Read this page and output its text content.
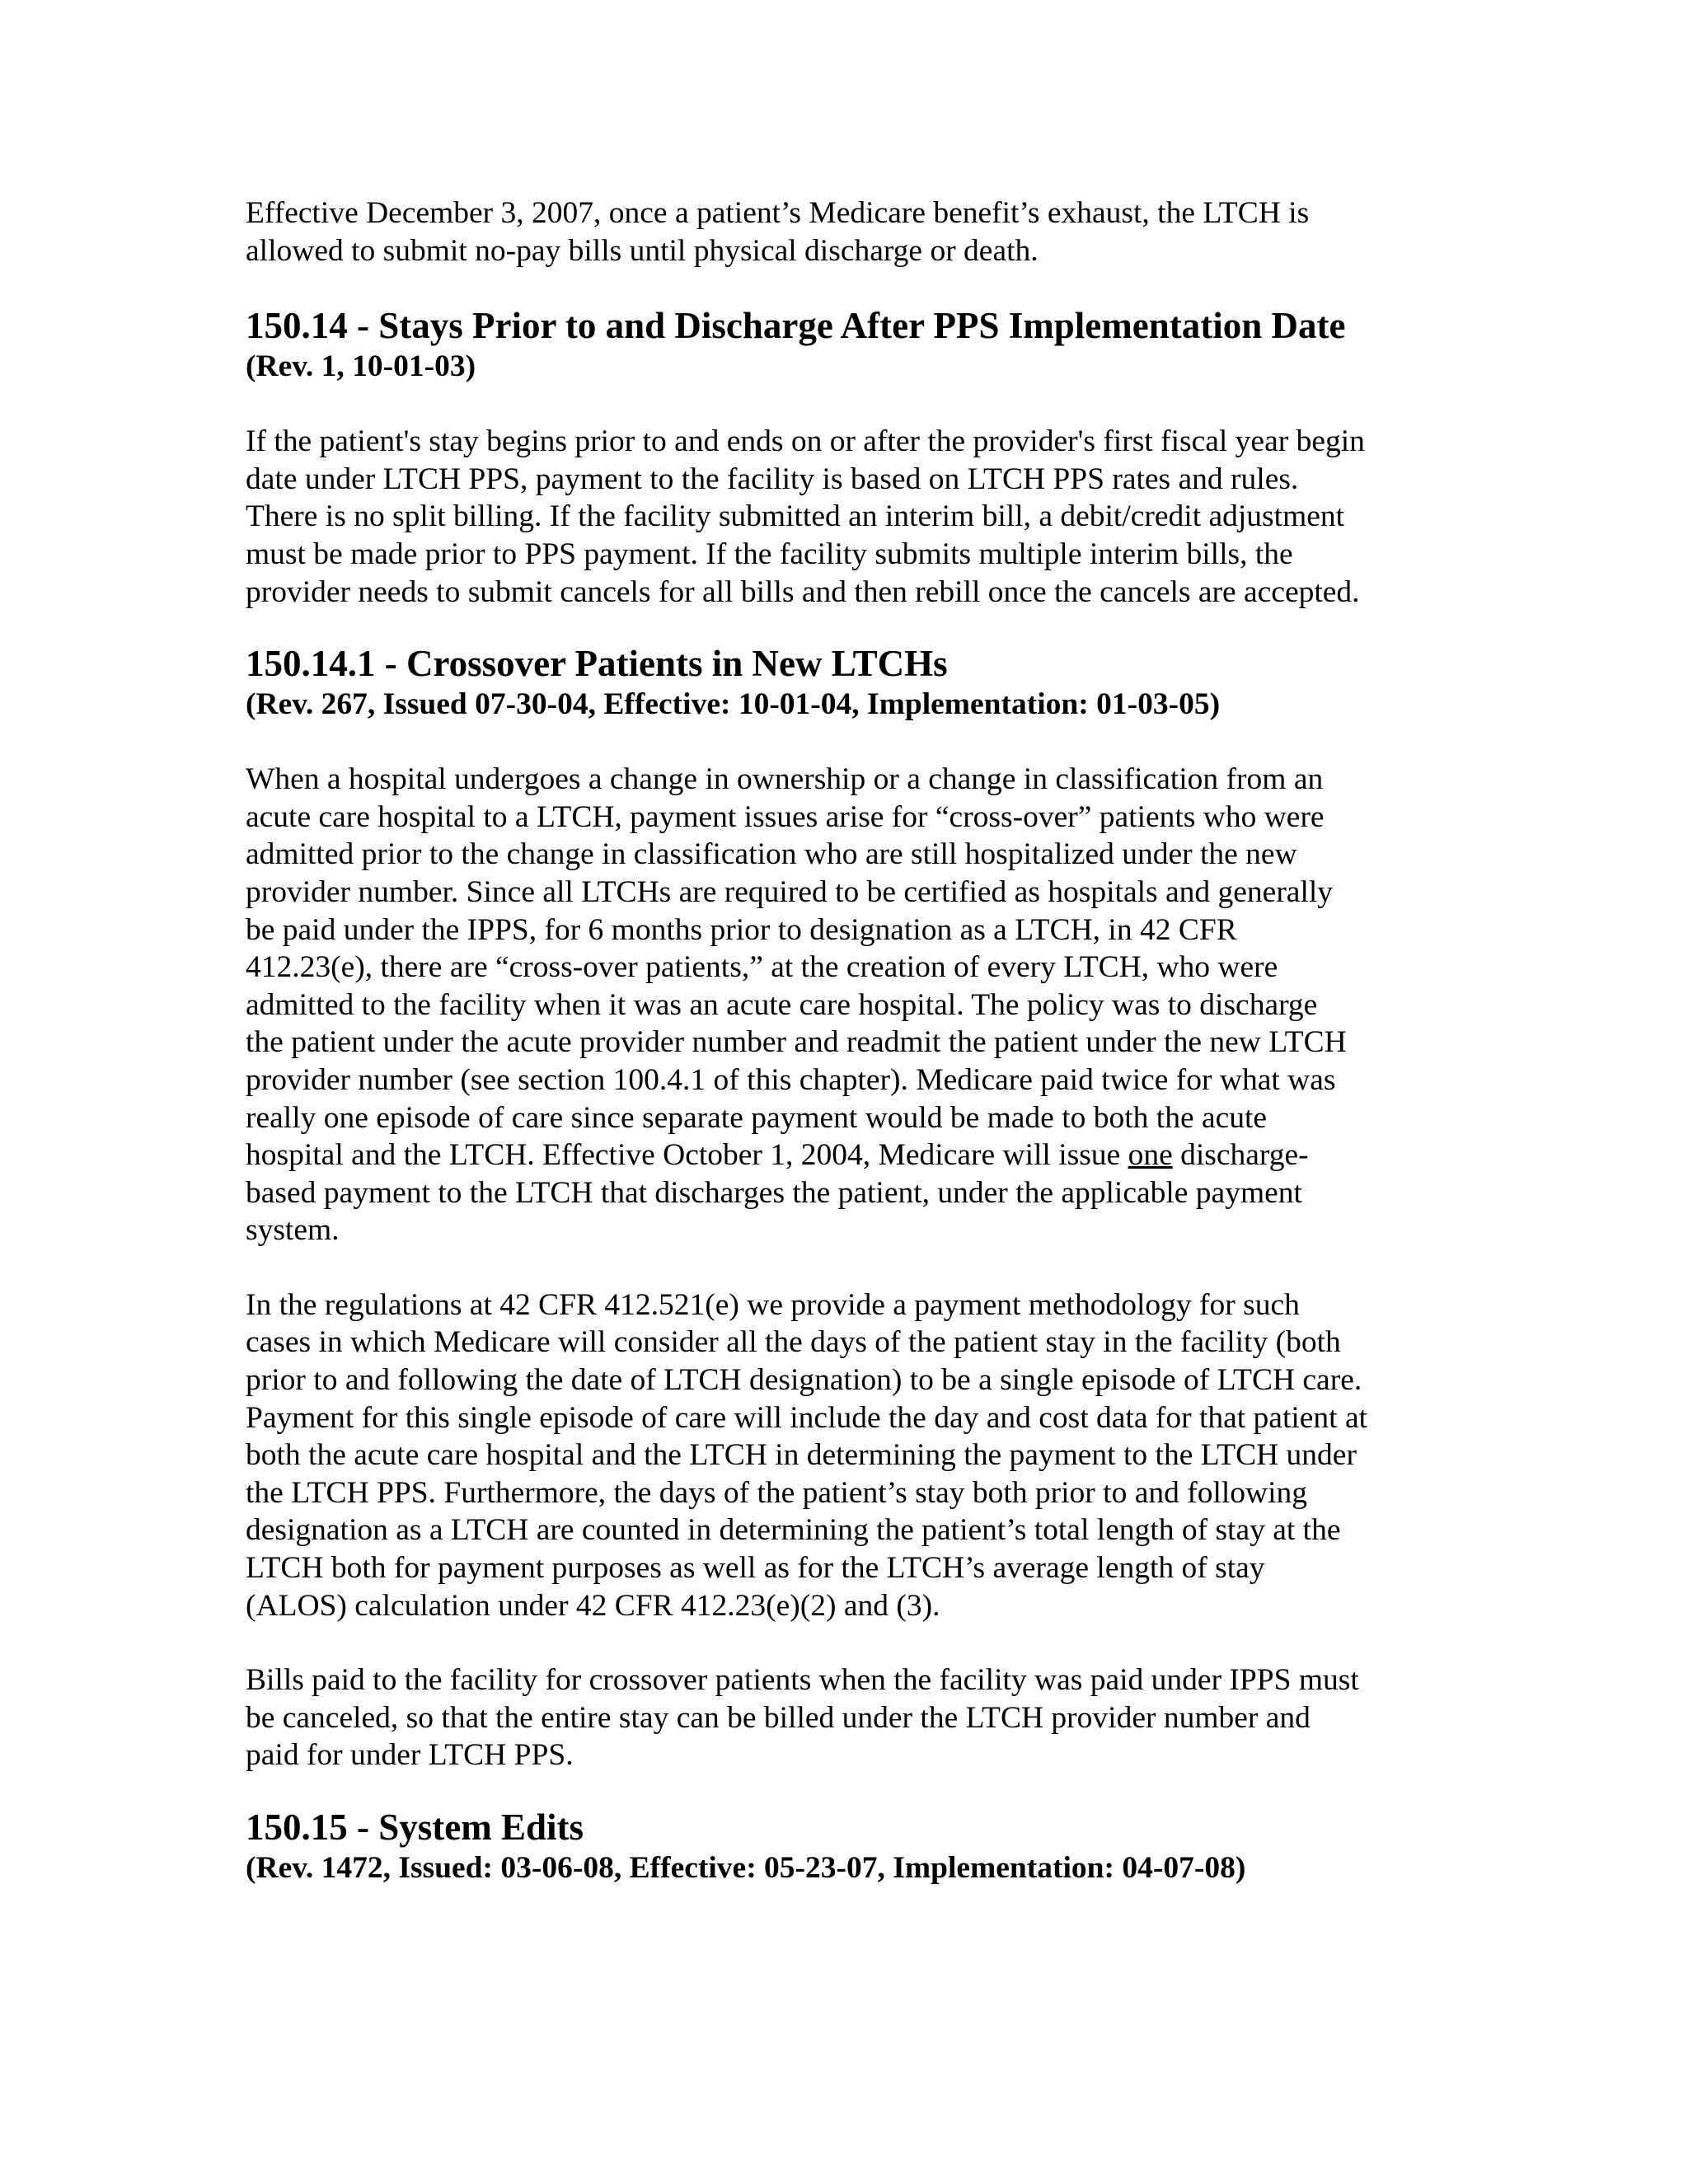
Effective December 3, 2007, once a patient’s Medicare benefit’s exhaust, the LTCH is
allowed to submit no-pay bills until physical discharge or death.

150.14 - Stays Prior to and Discharge After PPS Implementation Date

(Rev. 1, 10-01-03)

If the patient's stay begins prior to and ends on or after the provider's first fiscal year begin
date under LTCH PPS, payment to the facility is based on LTCH PPS rates and rules.
There is no split billing. If the facility submitted an interim bill, a debit/credit adjustment
must be made prior to PPS payment. If the facility submits multiple interim bills, the
provider needs to submit cancels for all bills and then rebill once the cancels are accepted.

150.14.1 - Crossover Patients in New LTCHs

(Rev. 267, Issued 07-30-04, Effective: 10-01-04, Implementation: 01-03-05)

When a hospital undergoes a change in ownership or a change in classification from an
acute care hospital to a LTCH, payment issues arise for “cross-over” patients who were
admitted prior to the change in classification who are still hospitalized under the new
provider number. Since all LTCHs are required to be certified as hospitals and generally
be paid under the IPPS, for 6 months prior to designation as a LTCH, in 42 CFR
412.23(e), there are “cross-over patients,” at the creation of every LTCH, who were
admitted to the facility when it was an acute care hospital. The policy was to discharge
the patient under the acute provider number and readmit the patient under the new LTCH
provider number (see section 100.4.1 of this chapter). Medicare paid twice for what was
really one episode of care since separate payment would be made to both the acute
hospital and the LTCH. Effective October 1, 2004, Medicare will issue one discharge-
based payment to the LTCH that discharges the patient, under the applicable payment
system.

In the regulations at 42 CFR 412.521(e) we provide a payment methodology for such
cases in which Medicare will consider all the days of the patient stay in the facility (both
prior to and following the date of LTCH designation) to be a single episode of LTCH care.
Payment for this single episode of care will include the day and cost data for that patient at
both the acute care hospital and the LTCH in determining the payment to the LTCH under
the LTCH PPS. Furthermore, the days of the patient’s stay both prior to and following
designation as a LTCH are counted in determining the patient’s total length of stay at the
LTCH both for payment purposes as well as for the LTCH’s average length of stay
(ALOS) calculation under 42 CFR 412.23(e)(2) and (3).

Bills paid to the facility for crossover patients when the facility was paid under IPPS must
be canceled, so that the entire stay can be billed under the LTCH provider number and
paid for under LTCH PPS.

150.15 - System Edits

(Rev. 1472, Issued: 03-06-08, Effective: 05-23-07, Implementation: 04-07-08)
